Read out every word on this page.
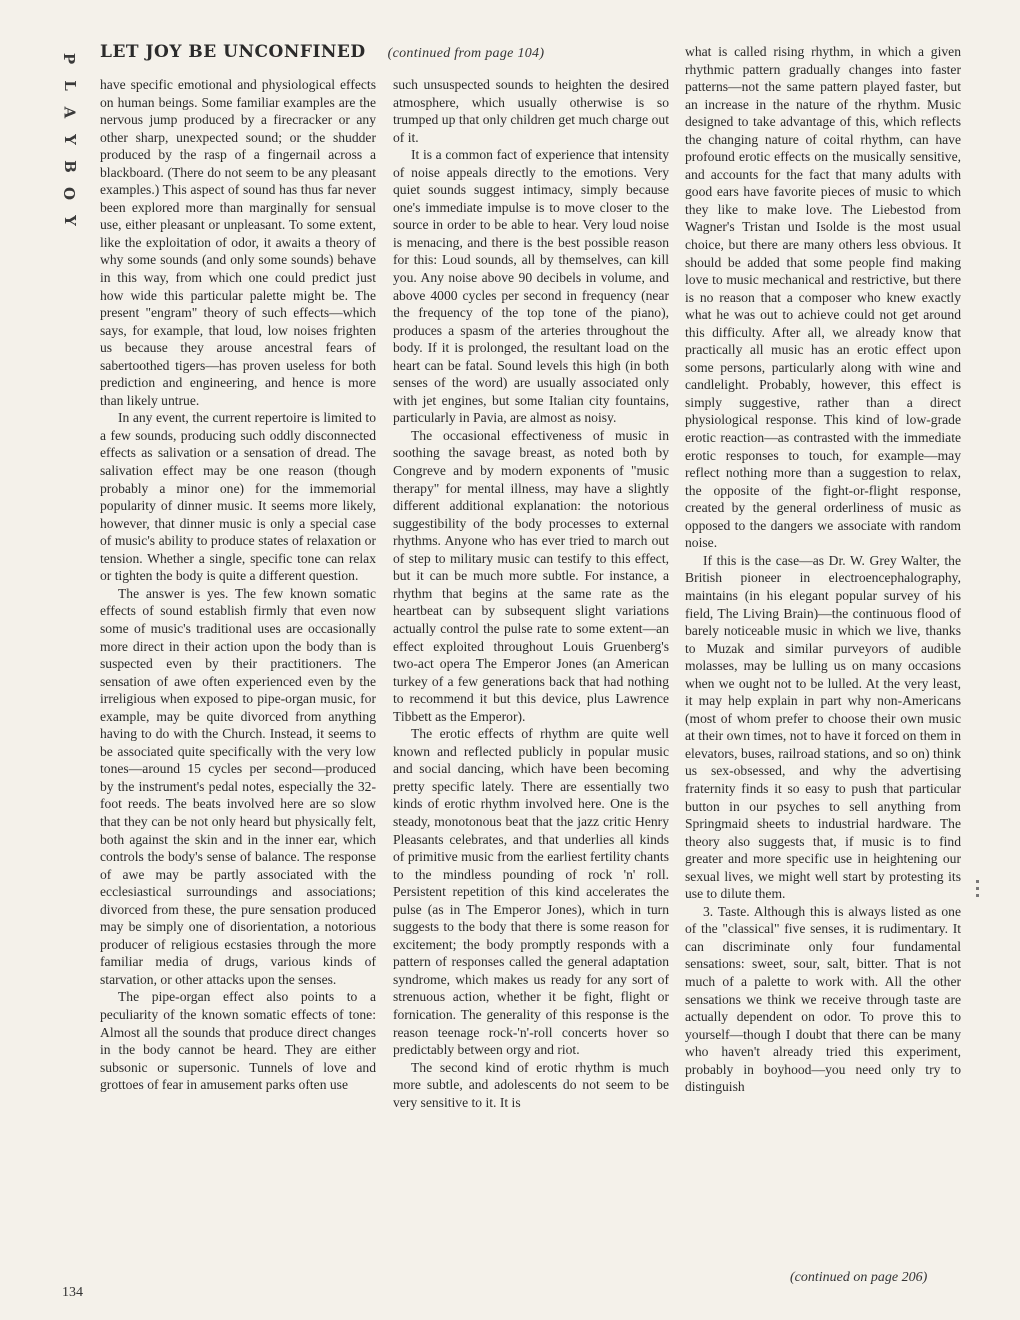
P
L
A
Y
B
O
Y
LET JOY BE UNCONFINED (continued from page 104)

have specific emotional and physiological effects on human beings. Some familiar examples are the nervous jump produced by a firecracker or any other sharp, unexpected sound; or the shudder produced by the rasp of a fingernail across a blackboard. (There do not seem to be any pleasant examples.) This aspect of sound has thus far never been explored more than marginally for sensual use, either pleasant or unpleasant. To some extent, like the exploitation of odor, it awaits a theory of why some sounds (and only some sounds) behave in this way, from which one could predict just how wide this particular palette might be. The present "engram" theory of such effects—which says, for example, that loud, low noises frighten us because they arouse ancestral fears of sabertoothed tigers—has proven useless for both prediction and engineering, and hence is more than likely untrue.

In any event, the current repertoire is limited to a few sounds, producing such oddly disconnected effects as salivation or a sensation of dread. The salivation effect may be one reason (though probably a minor one) for the immemorial popularity of dinner music. It seems more likely, however, that dinner music is only a special case of music's ability to produce states of relaxation or tension. Whether a single, specific tone can relax or tighten the body is quite a different question.

The answer is yes. The few known somatic effects of sound establish firmly that even now some of music's traditional uses are occasionally more direct in their action upon the body than is suspected even by their practitioners. The sensation of awe often experienced even by the irreligious when exposed to pipe-organ music, for example, may be quite divorced from anything having to do with the Church. Instead, it seems to be associated quite specifically with the very low tones—around 15 cycles per second—produced by the instrument's pedal notes, especially the 32-foot reeds. The beats involved here are so slow that they can be not only heard but physically felt, both against the skin and in the inner ear, which controls the body's sense of balance. The response of awe may be partly associated with the ecclesiastical surroundings and associations; divorced from these, the pure sensation produced may be simply one of disorientation, a notorious producer of religious ecstasies through the more familiar media of drugs, various kinds of starvation, or other attacks upon the senses.

The pipe-organ effect also points to a peculiarity of the known somatic effects of tone: Almost all the sounds that produce direct changes in the body cannot be heard. They are either subsonic or supersonic. Tunnels of love and grottoes of fear in amusement parks often use

such unsuspected sounds to heighten the desired atmosphere, which usually otherwise is so trumped up that only children get much charge out of it.

It is a common fact of experience that intensity of noise appeals directly to the emotions. Very quiet sounds suggest intimacy, simply because one's immediate impulse is to move closer to the source in order to be able to hear. Very loud noise is menacing, and there is the best possible reason for this: Loud sounds, all by themselves, can kill you. Any noise above 90 decibels in volume, and above 4000 cycles per second in frequency (near the frequency of the top tone of the piano), produces a spasm of the arteries throughout the body. If it is prolonged, the resultant load on the heart can be fatal. Sound levels this high (in both senses of the word) are usually associated only with jet engines, but some Italian city fountains, particularly in Pavia, are almost as noisy.

The occasional effectiveness of music in soothing the savage breast, as noted both by Congreve and by modern exponents of "music therapy" for mental illness, may have a slightly different additional explanation: the notorious suggestibility of the body processes to external rhythms. Anyone who has ever tried to march out of step to military music can testify to this effect, but it can be much more subtle. For instance, a rhythm that begins at the same rate as the heartbeat can by subsequent slight variations actually control the pulse rate to some extent—an effect exploited throughout Louis Gruenberg's two-act opera The Emperor Jones (an American turkey of a few generations back that had nothing to recommend it but this device, plus Lawrence Tibbett as the Emperor).

The erotic effects of rhythm are quite well known and reflected publicly in popular music and social dancing, which have been becoming pretty specific lately. There are essentially two kinds of erotic rhythm involved here. One is the steady, monotonous beat that the jazz critic Henry Pleasants celebrates, and that underlies all kinds of primitive music from the earliest fertility chants to the mindless pounding of rock 'n' roll. Persistent repetition of this kind accelerates the pulse (as in The Emperor Jones), which in turn suggests to the body that there is some reason for excitement; the body promptly responds with a pattern of responses called the general adaptation syndrome, which makes us ready for any sort of strenuous action, whether it be fight, flight or fornication. The generality of this response is the reason teenage rock-'n'-roll concerts hover so predictably between orgy and riot.

The second kind of erotic rhythm is much more subtle, and adolescents do not seem to be very sensitive to it. It is

what is called rising rhythm, in which a given rhythmic pattern gradually changes into faster patterns—not the same pattern played faster, but an increase in the nature of the rhythm. Music designed to take advantage of this, which reflects the changing nature of coital rhythm, can have profound erotic effects on the musically sensitive, and accounts for the fact that many adults with good ears have favorite pieces of music to which they like to make love. The Liebestod from Wagner's Tristan und Isolde is the most usual choice, but there are many others less obvious. It should be added that some people find making love to music mechanical and restrictive, but there is no reason that a composer who knew exactly what he was out to achieve could not get around this difficulty. After all, we already know that practically all music has an erotic effect upon some persons, particularly along with wine and candlelight. Probably, however, this effect is simply suggestive, rather than a direct physiological response. This kind of low-grade erotic reaction—as contrasted with the immediate erotic responses to touch, for example—may reflect nothing more than a suggestion to relax, the opposite of the fight-or-flight response, created by the general orderliness of music as opposed to the dangers we associate with random noise.

If this is the case—as Dr. W. Grey Walter, the British pioneer in electroencephalography, maintains (in his elegant popular survey of his field, The Living Brain)—the continuous flood of barely noticeable music in which we live, thanks to Muzak and similar purveyors of audible molasses, may be lulling us on many occasions when we ought not to be lulled. At the very least, it may help explain in part why non-Americans (most of whom prefer to choose their own music at their own times, not to have it forced on them in elevators, buses, railroad stations, and so on) think us sex-obsessed, and why the advertising fraternity finds it so easy to push that particular button in our psyches to sell anything from Springmaid sheets to industrial hardware. The theory also suggests that, if music is to find greater and more specific use in heightening our sexual lives, we might well start by protesting its use to dilute them.

3. Taste. Although this is always listed as one of the "classical" five senses, it is rudimentary. It can discriminate only four fundamental sensations: sweet, sour, salt, bitter. That is not much of a palette to work with. All the other sensations we think we receive through taste are actually dependent on odor. To prove this to yourself—though I doubt that there can be many who haven't already tried this experiment, probably in boyhood—you need only try to distinguish

134
(continued on page 206)
